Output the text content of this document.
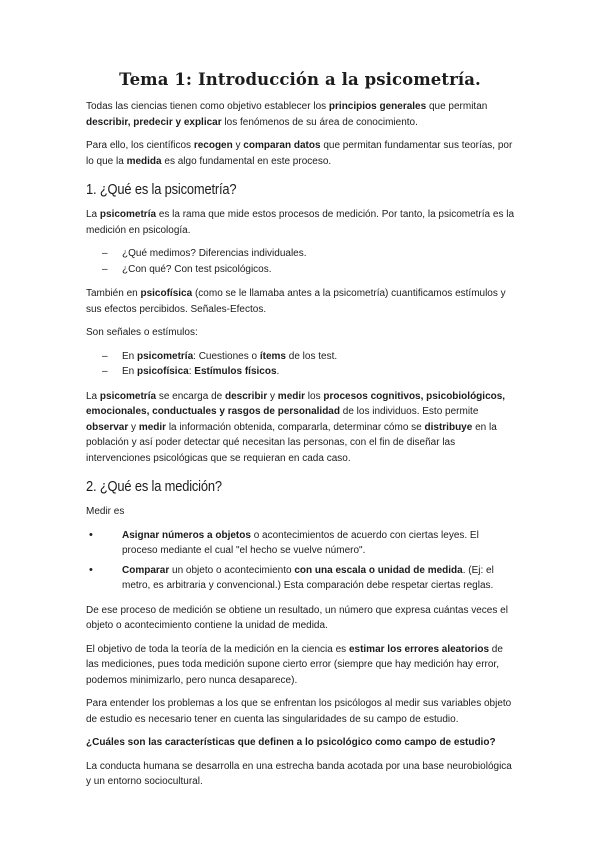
Tema 1: Introducción a la psicometría.

Todas las ciencias tienen como objetivo establecer los principios generales que permitan describir, predecir y explicar los fenómenos de su área de conocimiento.

Para ello, los científicos recogen y comparan datos que permitan fundamentar sus teorías, por lo que la medida es algo fundamental en este proceso.

1. ¿Qué es la psicometría?

La psicometría es la rama que mide estos procesos de medición. Por tanto, la psicometría es la medición en psicología.

– ¿Qué medimos? Diferencias individuales.
– ¿Con qué? Con test psicológicos.

También en psicofísica (como se le llamaba antes a la psicometría) cuantificamos estímulos y sus efectos percibidos. Señales-Efectos.

Son señales o estímulos:

– En psicometría: Cuestiones o ítems de los test.
– En psicofísica: Estímulos físicos.

La psicometría se encarga de describir y medir los procesos cognitivos, psicobiológicos, emocionales, conductuales y rasgos de personalidad de los individuos. Esto permite observar y medir la información obtenida, compararla, determinar cómo se distribuye en la población y así poder detectar qué necesitan las personas, con el fin de diseñar las intervenciones psicológicas que se requieran en cada caso.

2. ¿Qué es la medición?

Medir es

•	Asignar números a objetos o acontecimientos de acuerdo con ciertas leyes. El proceso mediante el cual "el hecho se vuelve número".
•	Comparar un objeto o acontecimiento con una escala o unidad de medida. (Ej: el metro, es arbitraria y convencional.) Esta comparación debe respetar ciertas reglas.

De ese proceso de medición se obtiene un resultado, un número que expresa cuántas veces el objeto o acontecimiento contiene la unidad de medida.

El objetivo de toda la teoría de la medición en la ciencia es estimar los errores aleatorios de las mediciones, pues toda medición supone cierto error (siempre que hay medición hay error, podemos minimizarlo, pero nunca desaparece).

Para entender los problemas a los que se enfrentan los psicólogos al medir sus variables objeto de estudio es necesario tener en cuenta las singularidades de su campo de estudio.

¿Cuáles son las características que definen a lo psicológico como campo de estudio?

La conducta humana se desarrolla en una estrecha banda acotada por una base neurobiológica y un entorno sociocultural.
